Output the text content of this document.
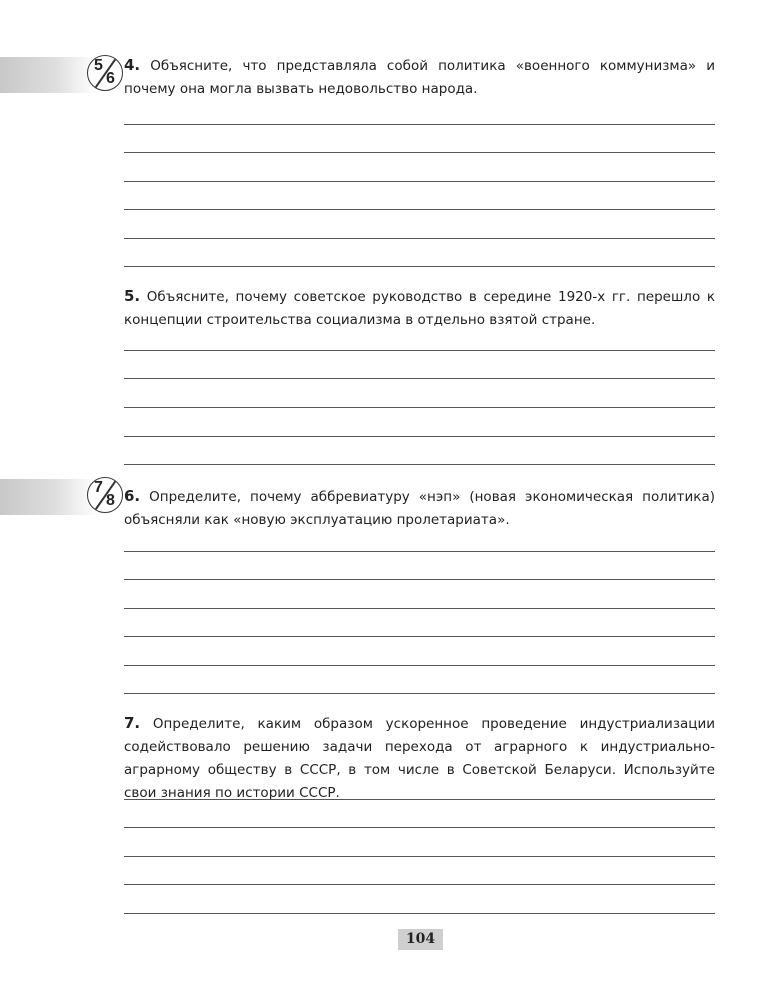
5
6
4. Объясните, что представляла собой политика «военного коммунизма» и почему она могла вызвать недовольство народа.
5. Объясните, почему советское руководство в середине 1920-х гг. перешло к концепции строительства социализма в отдельно взятой стране.
7
8 6. Определите, почему аббревиатуру «нэп» (новая экономическая политика) объясняли как «новую эксплуатацию пролетариата».
7. Определите, каким образом ускоренное проведение индустриализации содействовало решению задачи перехода от аграрного к индустриально-аграрному обществу в СССР, в том числе в Советской Беларуси. Используйте свои знания по истории СССР.
104
